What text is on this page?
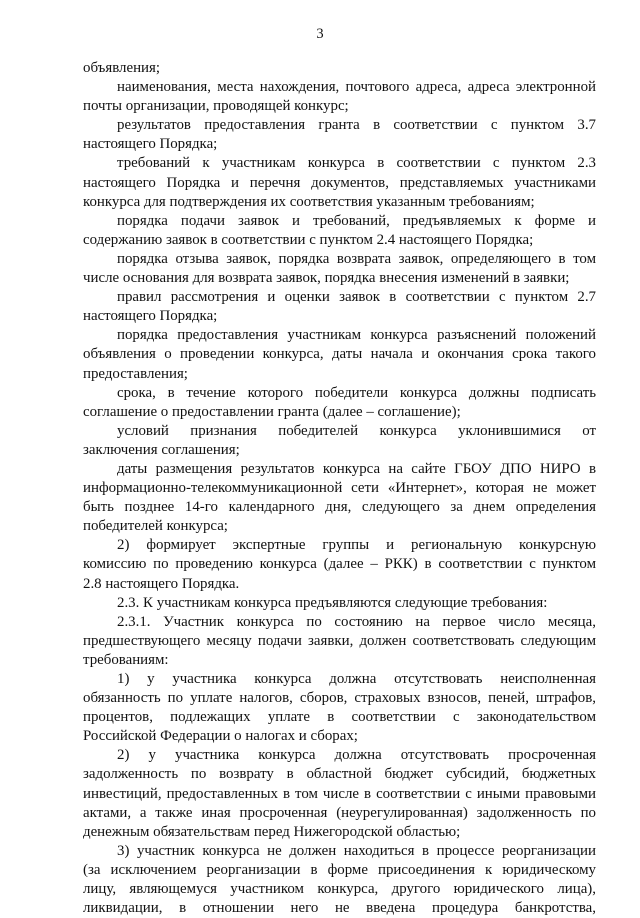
3
объявления;
наименования, места нахождения, почтового адреса, адреса электронной
почты организации, проводящей конкурс;
результатов предоставления гранта в соответствии с пунктом 3.7
настоящего Порядка;
требований к участникам конкурса в соответствии с пунктом 2.3
настоящего Порядка и перечня документов, представляемых участниками
конкурса для подтверждения их соответствия указанным требованиям;
порядка подачи заявок и требований, предъявляемых к форме и
содержанию заявок в соответствии с пунктом 2.4 настоящего Порядка;
порядка отзыва заявок, порядка возврата заявок, определяющего в том
числе основания для возврата заявок, порядка внесения изменений в заявки;
правил рассмотрения и оценки заявок в соответствии с пунктом 2.7
настоящего Порядка;
порядка предоставления участникам конкурса разъяснений положений
объявления о проведении конкурса, даты начала и окончания срока такого
предоставления;
срока, в течение которого победители конкурса должны подписать
соглашение о предоставлении гранта (далее – соглашение);
условий признания победителей конкурса уклонившимися от
заключения соглашения;
даты размещения результатов конкурса на сайте ГБОУ ДПО НИРО в
информационно-телекоммуникационной сети «Интернет», которая не может
быть позднее 14-го календарного дня, следующего за днем определения
победителей конкурса;
2) формирует экспертные группы и региональную конкурсную
комиссию по проведению конкурса (далее – РКК) в соответствии с пунктом
2.8 настоящего Порядка.
2.3. К участникам конкурса предъявляются следующие требования:
2.3.1. Участник конкурса по состоянию на первое число месяца,
предшествующего месяцу подачи заявки, должен соответствовать следующим
требованиям:
1) у участника конкурса должна отсутствовать неисполненная
обязанность по уплате налогов, сборов, страховых взносов, пеней, штрафов,
процентов, подлежащих уплате в соответствии с законодательством
Российской Федерации о налогах и сборах;
2) у участника конкурса должна отсутствовать просроченная
задолженность по возврату в областной бюджет субсидий, бюджетных
инвестиций, предоставленных в том числе в соответствии с иными правовыми
актами, а также иная просроченная (неурегулированная) задолженность по
денежным обязательствам перед Нижегородской областью;
3) участник конкурса не должен находиться в процессе реорганизации
(за исключением реорганизации в форме присоединения к юридическому
лицу, являющемуся участником конкурса, другого юридического лица),
ликвидации, в отношении него не введена процедура банкротства,
